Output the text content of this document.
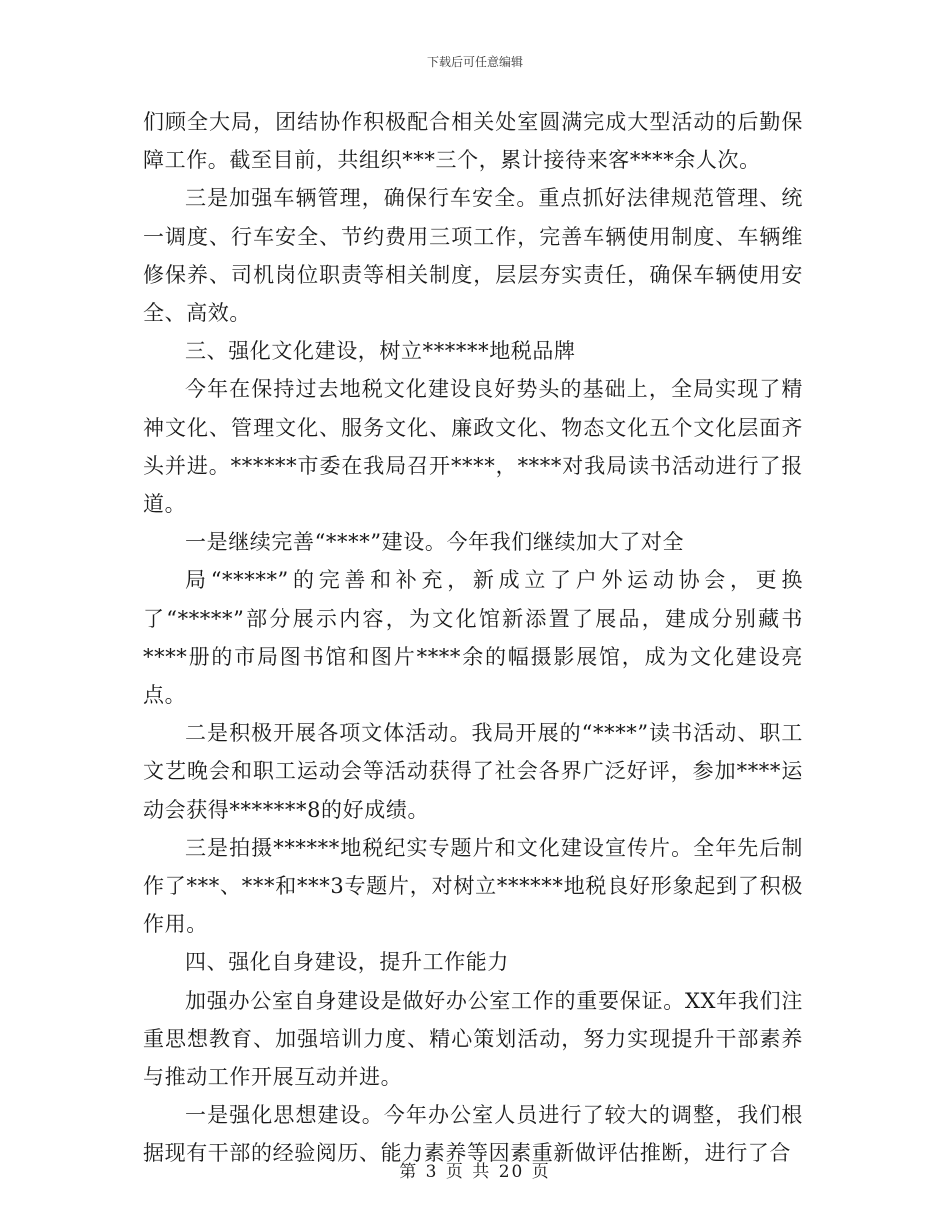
下载后可任意编辑

们顾全大局，团结协作积极配合相关处室圆满完成大型活动的后勤保障工作。截至目前，共组织***三个，累计接待来客****余人次。

三是加强车辆管理，确保行车安全。重点抓好法律规范管理、统一调度、行车安全、节约费用三项工作，完善车辆使用制度、车辆维修保养、司机岗位职责等相关制度，层层夯实责任，确保车辆使用安全、高效。

三、强化文化建设，树立******地税品牌

今年在保持过去地税文化建设良好势头的基础上，全局实现了精神文化、管理文化、服务文化、廉政文化、物态文化五个文化层面齐头并进。******市委在我局召开****，****对我局读书活动进行了报道。

一是继续完善“****”建设。今年我们继续加大了对全

局“*****”的完善和补充，新成立了户外运动协会，更换了“*****”部分展示内容，为文化馆新添置了展品，建成分别藏书****册的市局图书馆和图片****余的幅摄影展馆，成为文化建设亮点。

二是积极开展各项文体活动。我局开展的“****”读书活动、职工文艺晚会和职工运动会等活动获得了社会各界广泛好评，参加****运动会获得*******8的好成绩。

三是拍摄******地税纪实专题片和文化建设宣传片。全年先后制作了***、***和***3专题片，对树立******地税良好形象起到了积极作用。

四、强化自身建设，提升工作能力

加强办公室自身建设是做好办公室工作的重要保证。XX年我们注重思想教育、加强培训力度、精心策划活动，努力实现提升干部素养与推动工作开展互动并进。

一是强化思想建设。今年办公室人员进行了较大的调整，我们根据现有干部的经验阅历、能力素养等因素重新做评估推断，进行了合

第 3 页 共 20 页
